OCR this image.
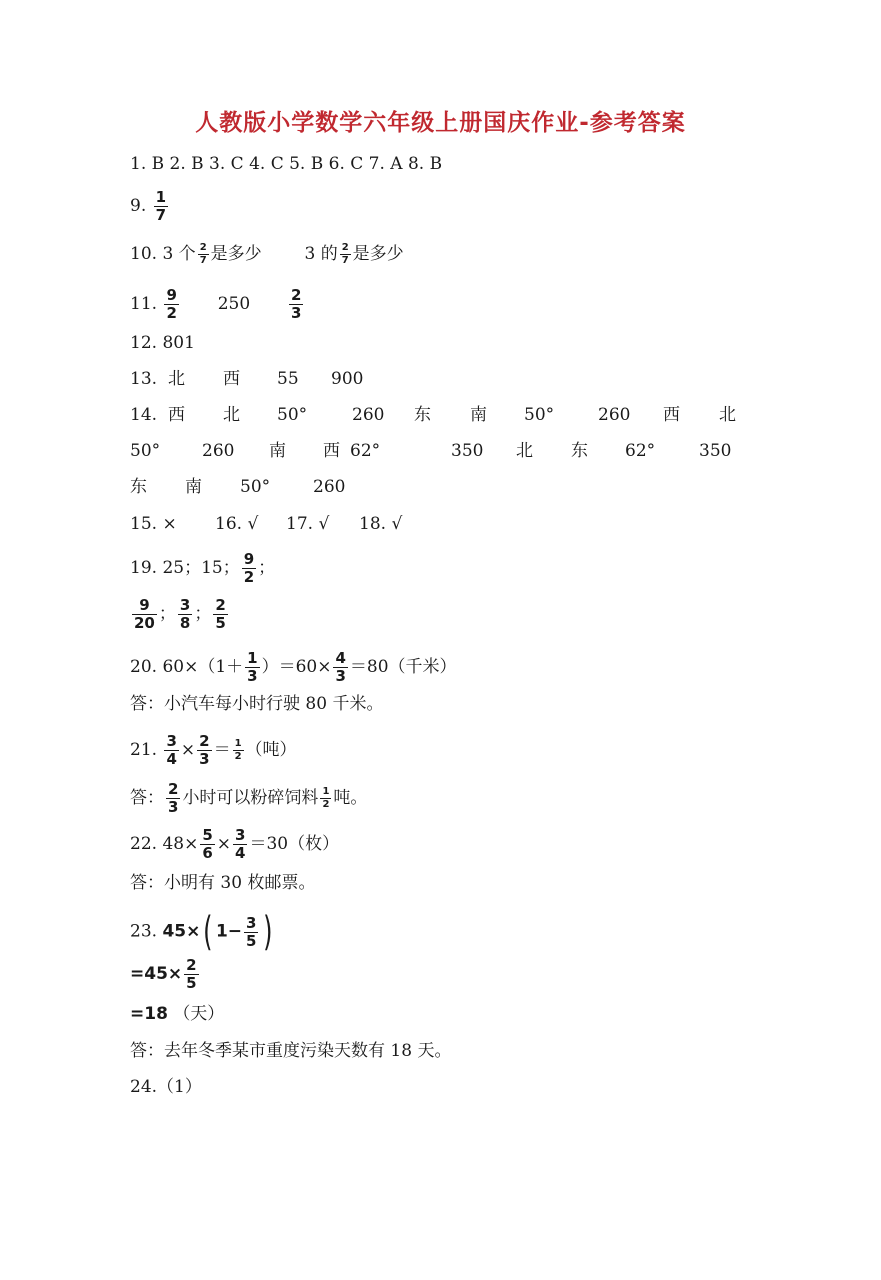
人教版小学数学六年级上册国庆作业-参考答案
1. B 2. B 3. C 4. C 5. B 6. C 7. A 8. B
9. $\frac{1}{7}$
10. 3 个 $\frac{2}{7}$ 是多少	3 的 $\frac{2}{7}$ 是多少
11. $\frac{9}{2} 250$	$\frac{2}{3}$
12. 801
13. 北 西 55 900
14. 西 北 50°	260 东 南 50°	260 西 北
50° 260 南 西 62°	350 北 东 62°	350
东 南 50°	260
15. × 16. √ 17. √ 18. √
19. 25；15； $\frac{9}{2}$ ；
$\frac{9}{20}$ ； $\frac{3}{8}$ ； $\frac{2}{5}$
20. $60\times(1+ \frac{1}{3} )=60\times \frac{4}{3} =80$（千米）
答：小汽车每小时行驶 80 千米。
21. $\frac{3}{4} \times \frac{2}{3} = \frac{1}{2}$ （吨）
答： $\frac{2}{3}$ 小时可以粉碎饲料 $\frac{1}{2}$ 吨。
22. $48\times \frac{5}{6} \times \frac{3}{4} =30$（枚）
答：小明有 30 枚邮票。
23. 45×( $1- \frac{3}{5}$ )
$=45\times \frac{2}{5}$
=18 （天）
答：去年冬季某市重度污染天数有 18 天。
24.（1）
